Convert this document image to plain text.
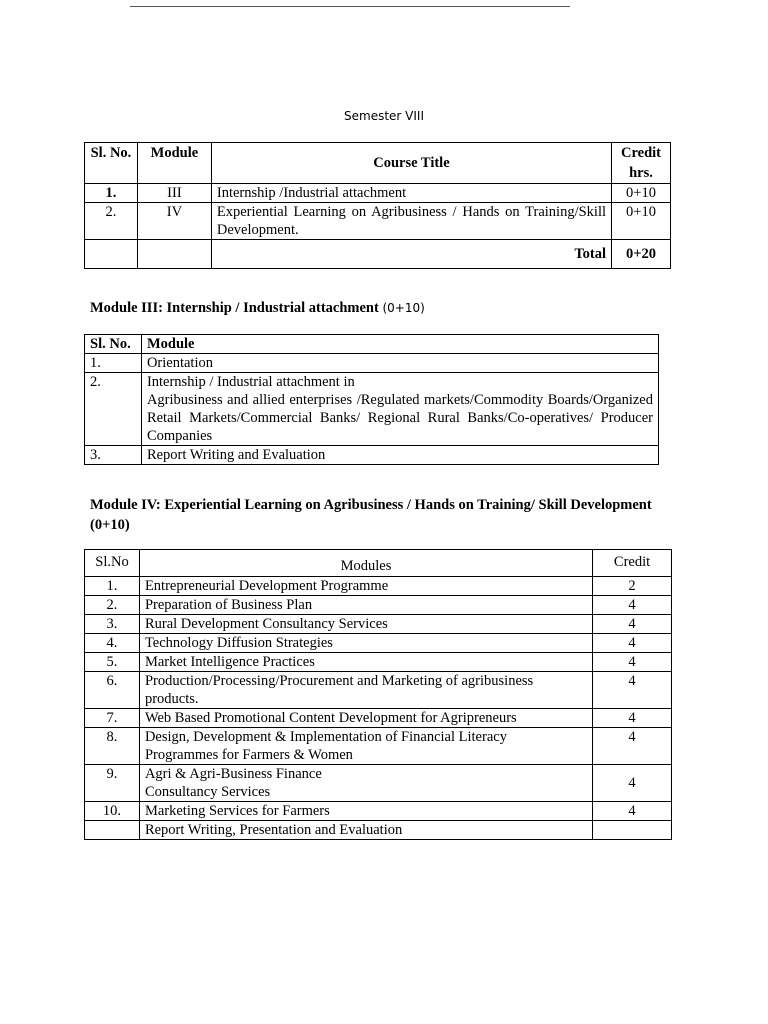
Semester VIII
Sl. No.	Module	Course Title	Credit hrs.
1.	III	Internship /Industrial attachment	0+10
2.	IV	Experiential Learning on Agribusiness / Hands on Training/Skill Development.	0+10
		Total	0+20
Module III: Internship / Industrial attachment (0+10)
Sl. No.	Module
1.	Orientation
2.	Internship / Industrial attachment in
Agribusiness and allied enterprises /Regulated markets/Commodity Boards/Organized Retail Markets/Commercial Banks/ Regional Rural Banks/Co-operatives/ Producer Companies

3.	Report Writing and Evaluation
Module IV: Experiential Learning on Agribusiness / Hands on Training/ Skill Development (0+10)
Sl.No	Modules	Credit
1.	Entrepreneurial Development Programme	2
2.	Preparation of Business Plan	4
3.	Rural Development Consultancy Services	4
4.	Technology Diffusion Strategies	4
5.	Market Intelligence Practices	4
6.	Production/Processing/Procurement and Marketing of agribusiness products.	4
7.	Web Based Promotional Content Development for Agripreneurs	4
8.	Design, Development & Implementation of Financial Literacy Programmes for Farmers & Women	4
9.	Agri & Agri-Business Finance
Consultancy Services	4
10.	Marketing Services for Farmers	4
	Report Writing, Presentation and Evaluation	
